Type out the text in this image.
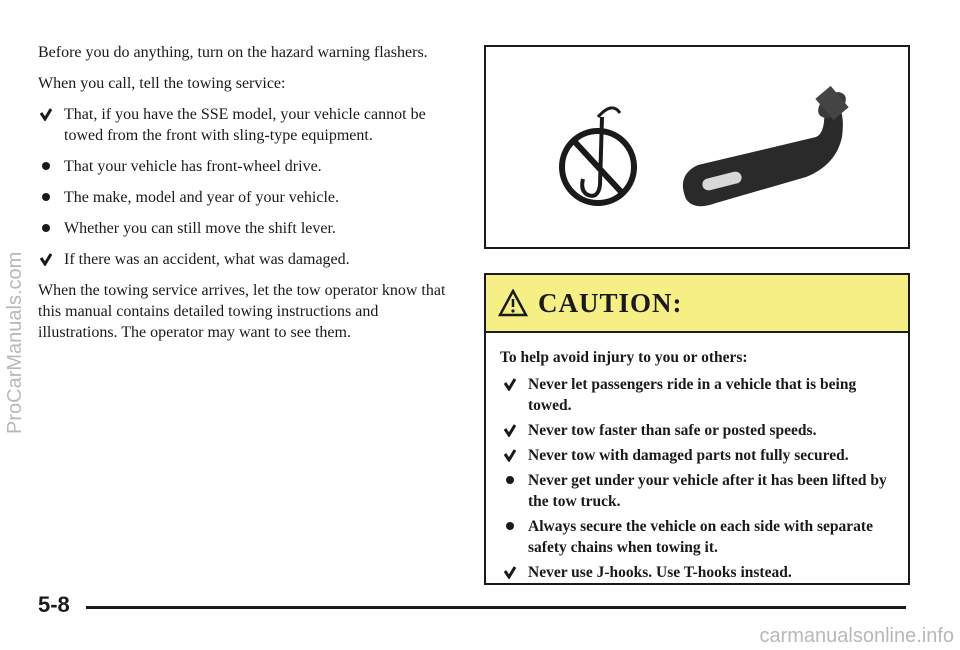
Before you do anything, turn on the hazard warning flashers.

When you call, tell the towing service:

That, if you have the SSE model, your vehicle cannot be towed from the front with sling-type equipment.
That your vehicle has front-wheel drive.
The make, model and year of your vehicle.
Whether you can still move the shift lever.
If there was an accident, what was damaged.

When the towing service arrives, let the tow operator know that this manual contains detailed towing instructions and illustrations. The operator may want to see them.

CAUTION:

To help avoid injury to you or others:

Never let passengers ride in a vehicle that is being towed.
Never tow faster than safe or posted speeds.
Never tow with damaged parts not fully secured.
Never get under your vehicle after it has been lifted by the tow truck.
Always secure the vehicle on each side with separate safety chains when towing it.
Never use J-hooks. Use T-hooks instead.
5-8
ProCarManuals.com
carmanualsonline.info
